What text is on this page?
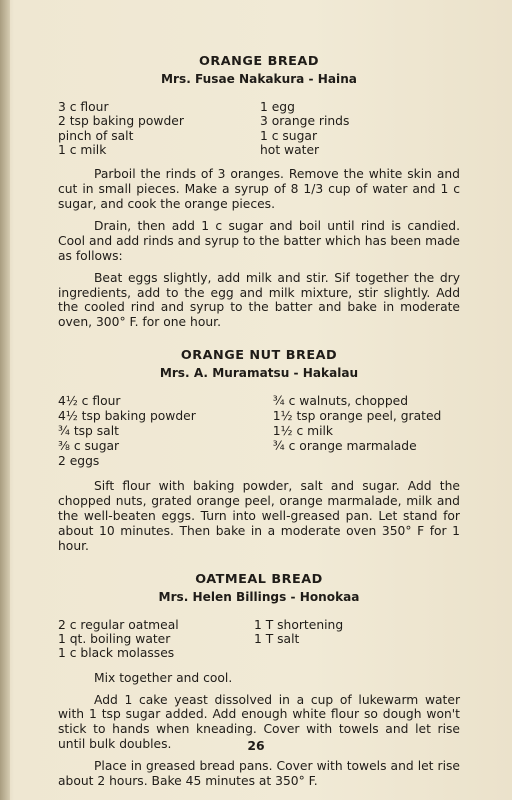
ORANGE BREAD
Mrs. Fusae Nakakura - Haina
3 c flour
2 tsp baking powder
pinch of salt
1 c milk
1 egg
3 orange rinds
1 c sugar
hot water

Parboil the rinds of 3 oranges. Remove the white skin and cut in small pieces. Make a syrup of 8 1/3 cup of water and 1 c sugar, and cook the orange pieces.

Drain, then add 1 c sugar and boil until rind is candied. Cool and add rinds and syrup to the batter which has been made as follows:

Beat eggs slightly, add milk and stir. Sif together the dry ingredients, add to the egg and milk mixture, stir slightly. Add the cooled rind and syrup to the batter and bake in moderate oven, 300° F. for one hour.

ORANGE NUT BREAD
Mrs. A. Muramatsu - Hakalau
4½ c flour
4½ tsp baking powder
¾ tsp salt
⅜ c sugar
2 eggs
¾ c walnuts, chopped
1½ tsp orange peel, grated
1½ c milk
¾ c orange marmalade

Sift flour with baking powder, salt and sugar. Add the chopped nuts, grated orange peel, orange marmalade, milk and the well-beaten eggs. Turn into well-greased pan. Let stand for about 10 minutes. Then bake in a moderate oven 350° F for 1 hour.

OATMEAL BREAD
Mrs. Helen Billings - Honokaa
2 c regular oatmeal
1 qt. boiling water
1 c black molasses
1 T shortening
1 T salt

Mix together and cool.

Add 1 cake yeast dissolved in a cup of lukewarm water with 1 tsp sugar added. Add enough white flour so dough won't stick to hands when kneading. Cover with towels and let rise until bulk doubles.

Place in greased bread pans. Cover with towels and let rise about 2 hours. Bake 45 minutes at 350° F.

26
